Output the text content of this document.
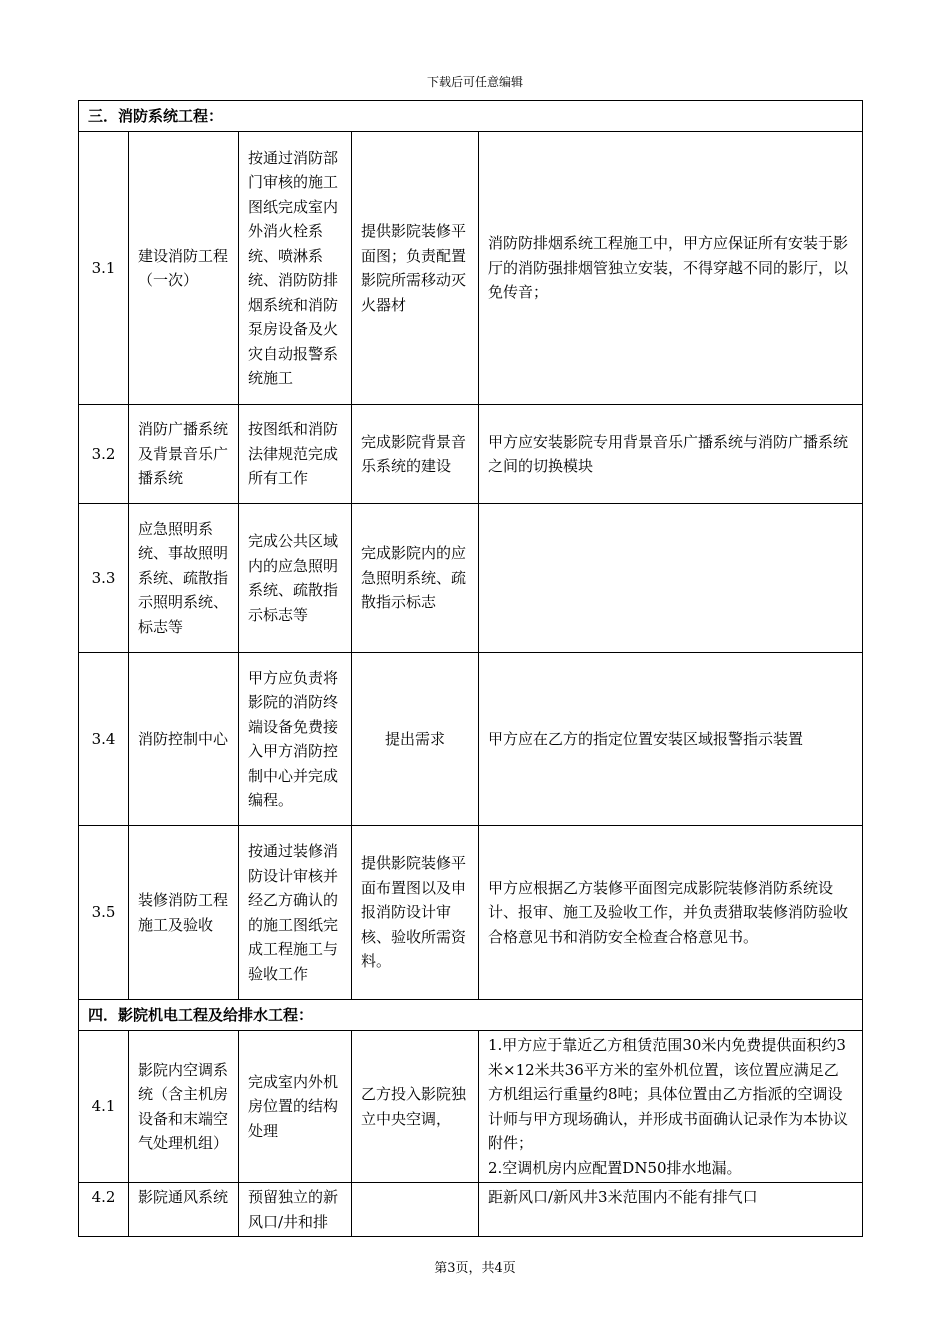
下载后可任意编辑
三．消防系统工程：				
3.1	建设消防工程（一次）	按通过消防部门审核的施工图纸完成室内外消火栓系统、喷淋系统、消防防排烟系统和消防泵房设备及火灾自动报警系统施工	提供影院装修平面图；负责配置影院所需移动灭火器材	消防防排烟系统工程施工中，甲方应保证所有安装于影厅的消防强排烟管独立安装，不得穿越不同的影厅，以免传音；
3.2	消防广播系统及背景音乐广播系统	按图纸和消防法律规范完成所有工作	完成影院背景音乐系统的建设	甲方应安装影院专用背景音乐广播系统与消防广播系统之间的切换模块
3.3	应急照明系统、事故照明系统、疏散指示照明系统、标志等	完成公共区域内的应急照明系统、疏散指示标志等	完成影院内的应急照明系统、疏散指示标志	
3.4	消防控制中心	甲方应负责将影院的消防终端设备免费接入甲方消防控制中心并完成编程。	提出需求	甲方应在乙方的指定位置安装区域报警指示装置
3.5	装修消防工程施工及验收	按通过装修消防设计审核并经乙方确认的的施工图纸完成工程施工与验收工作	提供影院装修平面布置图以及申报消防设计审核、验收所需资料。	甲方应根据乙方装修平面图完成影院装修消防系统设计、报审、施工及验收工作，并负责猎取装修消防验收合格意见书和消防安全检查合格意见书。
四．影院机电工程及给排水工程：				
4.1	影院内空调系统（含主机房设备和末端空气处理机组）	完成室内外机房位置的结构处理	乙方投入影院独立中央空调，	1.甲方应于靠近乙方租赁范围30米内免费提供面积约3米×12米共36平方米的室外机位置，该位置应满足乙方机组运行重量约8吨；具体位置由乙方指派的空调设计师与甲方现场确认，并形成书面确认记录作为本协议附件；
2.空调机房内应配置DN50排水地漏。

4.2	影院通风系统	预留独立的新风口/井和排		距新风口/新风井3米范围内不能有排气口
第3页，共4页
